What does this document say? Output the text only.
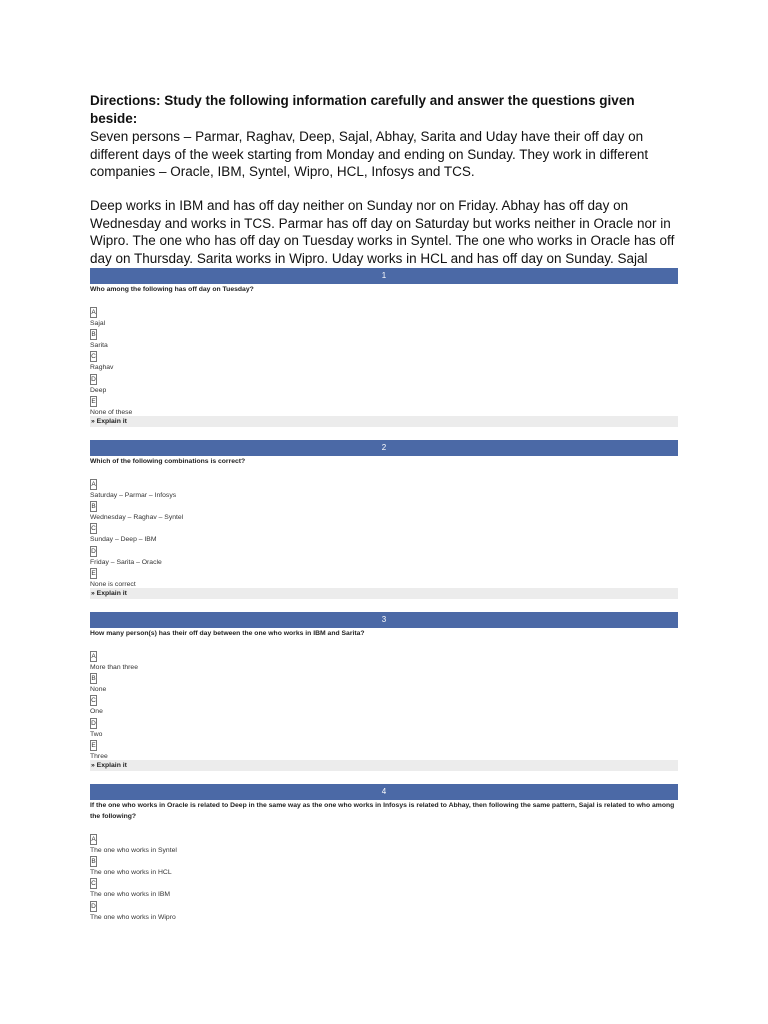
Directions: Study the following information carefully and answer the questions given beside:
Seven persons – Parmar, Raghav, Deep, Sajal, Abhay, Sarita and Uday have their off day on different days of the week starting from Monday and ending on Sunday. They work in different companies – Oracle, IBM, Syntel, Wipro, HCL, Infosys and TCS.
Deep works in IBM and has off day neither on Sunday nor on Friday. Abhay has off day on Wednesday and works in TCS. Parmar has off day on Saturday but works neither in Oracle nor in Wipro. The one who has off day on Tuesday works in Syntel. The one who works in Oracle has off day on Thursday. Sarita works in Wipro. Uday works in HCL and has off day on Sunday. Sajal
1
Who among the following has off day on Tuesday?
A
Sajal
B
Sarita
C
Raghav
D
Deep
E
None of these
» Explain it
2
Which of the following combinations is correct?
A
Saturday – Parmar – Infosys
B
Wednesday – Raghav – Syntel
C
Sunday – Deep – IBM
D
Friday – Sarita – Oracle
E
None is correct
» Explain it
3
How many person(s) has their off day between the one who works in IBM and Sarita?
A
More than three
B
None
C
One
D
Two
E
Three
» Explain it
4
If the one who works in Oracle is related to Deep in the same way as the one who works in Infosys is related to Abhay, then following the same pattern, Sajal is related to who among the following?
A
The one who works in Syntel
B
The one who works in HCL
C
The one who works in IBM
D
The one who works in Wipro
